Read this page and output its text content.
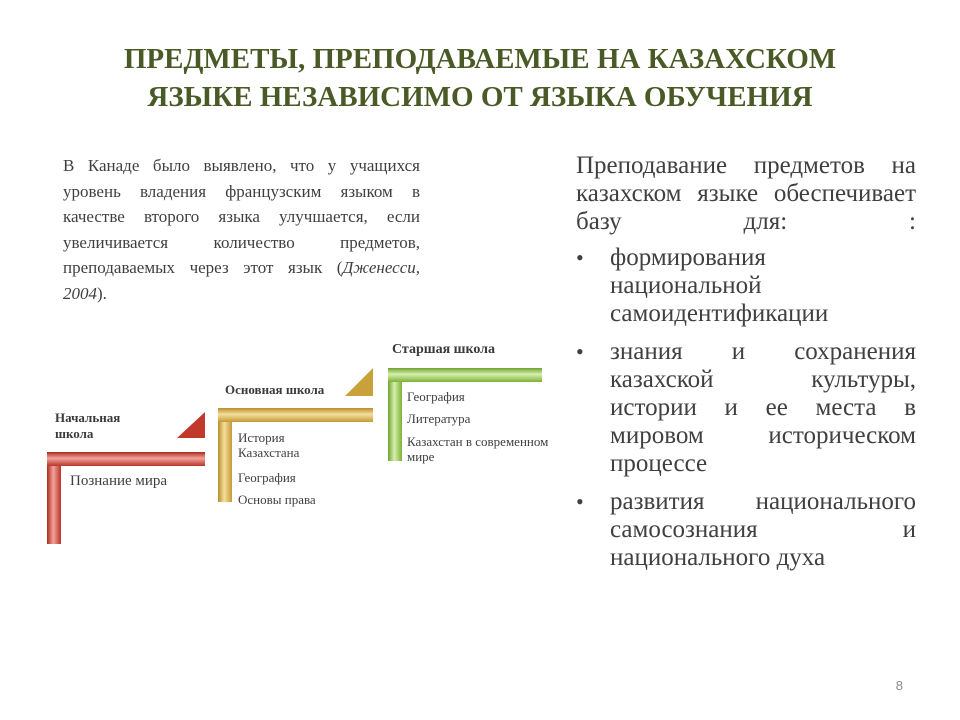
ПРЕДМЕТЫ, ПРЕПОДАВАЕМЫЕ НА КАЗАХСКОМ
ЯЗЫКЕ НЕЗАВИСИМО ОТ ЯЗЫКА ОБУЧЕНИЯ
В Канаде было выявлено, что у учащихся уровень владения французским языком в качестве второго языка улучшается, если увеличивается количество предметов, преподаваемых через этот язык (Дженесси, 2004).

Преподавание предметов на казахском языке обеспечивает базу для: :

• формирования национальной самоидентификации
• знания и сохранения казахской культуры, истории и ее места в мировом историческом процессе
• развития национального самосознания и национального духа
Начальная школа
Основная школа
Старшая школа
Познание мира
История Казахстана
География
Основы права
География
Литература
Казахстан в современном мире
8
